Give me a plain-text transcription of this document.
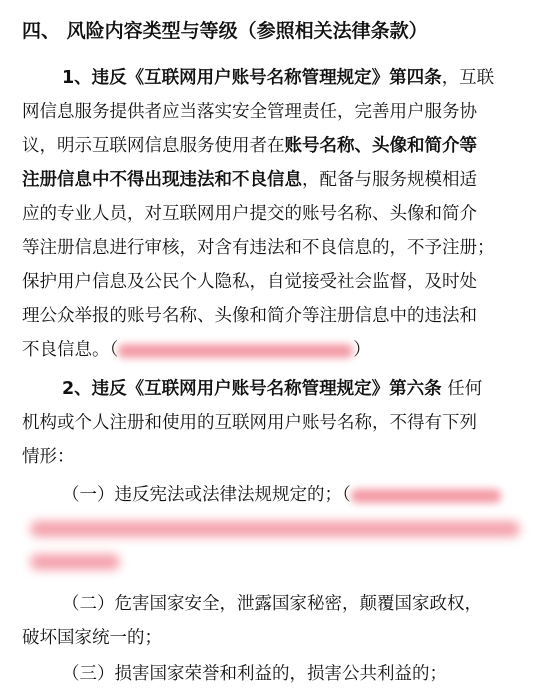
四、 风险内容类型与等级（参照相关法律条款）
1、违反《互联网用户账号名称管理规定》第四条，互联
网信息服务提供者应当落实安全管理责任，完善用户服务协
议，明示互联网信息服务使用者在账号名称、头像和简介等
注册信息中不得出现违法和不良信息，配备与服务规模相适
应的专业人员，对互联网用户提交的账号名称、头像和简介
等注册信息进行审核，对含有违法和不良信息的，不予注册；
保护用户信息及公民个人隐私，自觉接受社会监督，及时处
理公众举报的账号名称、头像和简介等注册信息中的违法和
不良信息。（	）
2、违反《互联网用户账号名称管理规定》第六条 任何
机构或个人注册和使用的互联网用户账号名称，不得有下列
情形：
（一）违反宪法或法律法规规定的；（
（二）危害国家安全，泄露国家秘密，颠覆国家政权，
破坏国家统一的；
（三）损害国家荣誉和利益的，损害公共利益的；
